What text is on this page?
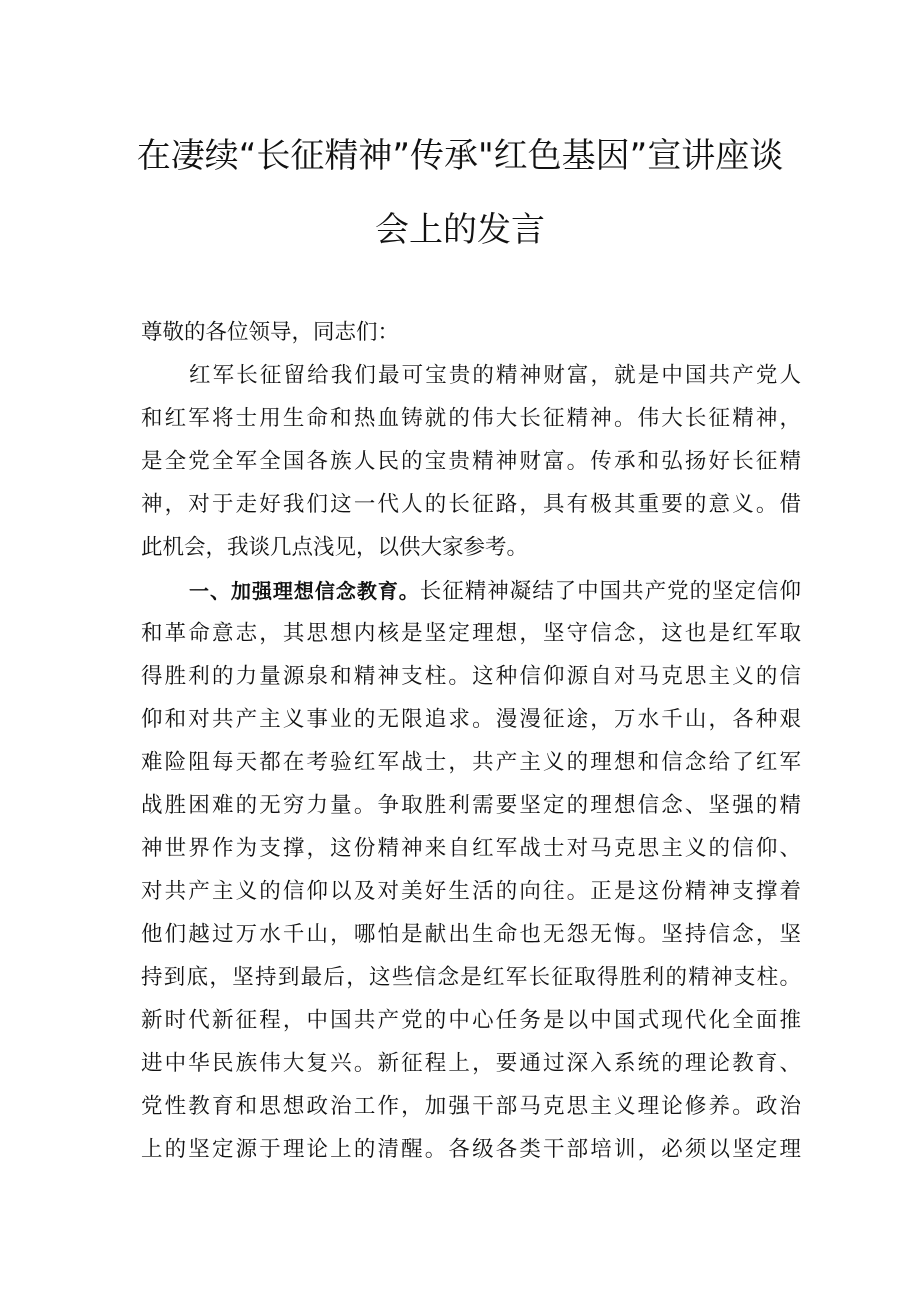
在凄续“长征精神”传承"红色基因”宣讲座谈
会上的发言
尊敬的各位领导，同志们：
红军长征留给我们最可宝贵的精神财富，就是中国共产党人
和红军将士用生命和热血铸就的伟大长征精神。伟大长征精神，
是全党全军全国各族人民的宝贵精神财富。传承和弘扬好长征精
神，对于走好我们这一代人的长征路，具有极其重要的意义。借
此机会，我谈几点浅见，以供大家参考。
一、加强理想信念教育。长征精神凝结了中国共产党的坚定信仰
和革命意志，其思想内核是坚定理想，坚守信念，这也是红军取
得胜利的力量源泉和精神支柱。这种信仰源自对马克思主义的信
仰和对共产主义事业的无限追求。漫漫征途，万水千山，各种艰
难险阻每天都在考验红军战士，共产主义的理想和信念给了红军
战胜困难的无穷力量。争取胜利需要坚定的理想信念、坚强的精
神世界作为支撑，这份精神来自红军战士对马克思主义的信仰、
对共产主义的信仰以及对美好生活的向往。正是这份精神支撑着
他们越过万水千山，哪怕是献出生命也无怨无悔。坚持信念，坚
持到底，坚持到最后，这些信念是红军长征取得胜利的精神支柱。
新时代新征程，中国共产党的中心任务是以中国式现代化全面推
进中华民族伟大复兴。新征程上，要通过深入系统的理论教育、
党性教育和思想政治工作，加强干部马克思主义理论修养。政治
上的坚定源于理论上的清醒。各级各类干部培训，必须以坚定理
